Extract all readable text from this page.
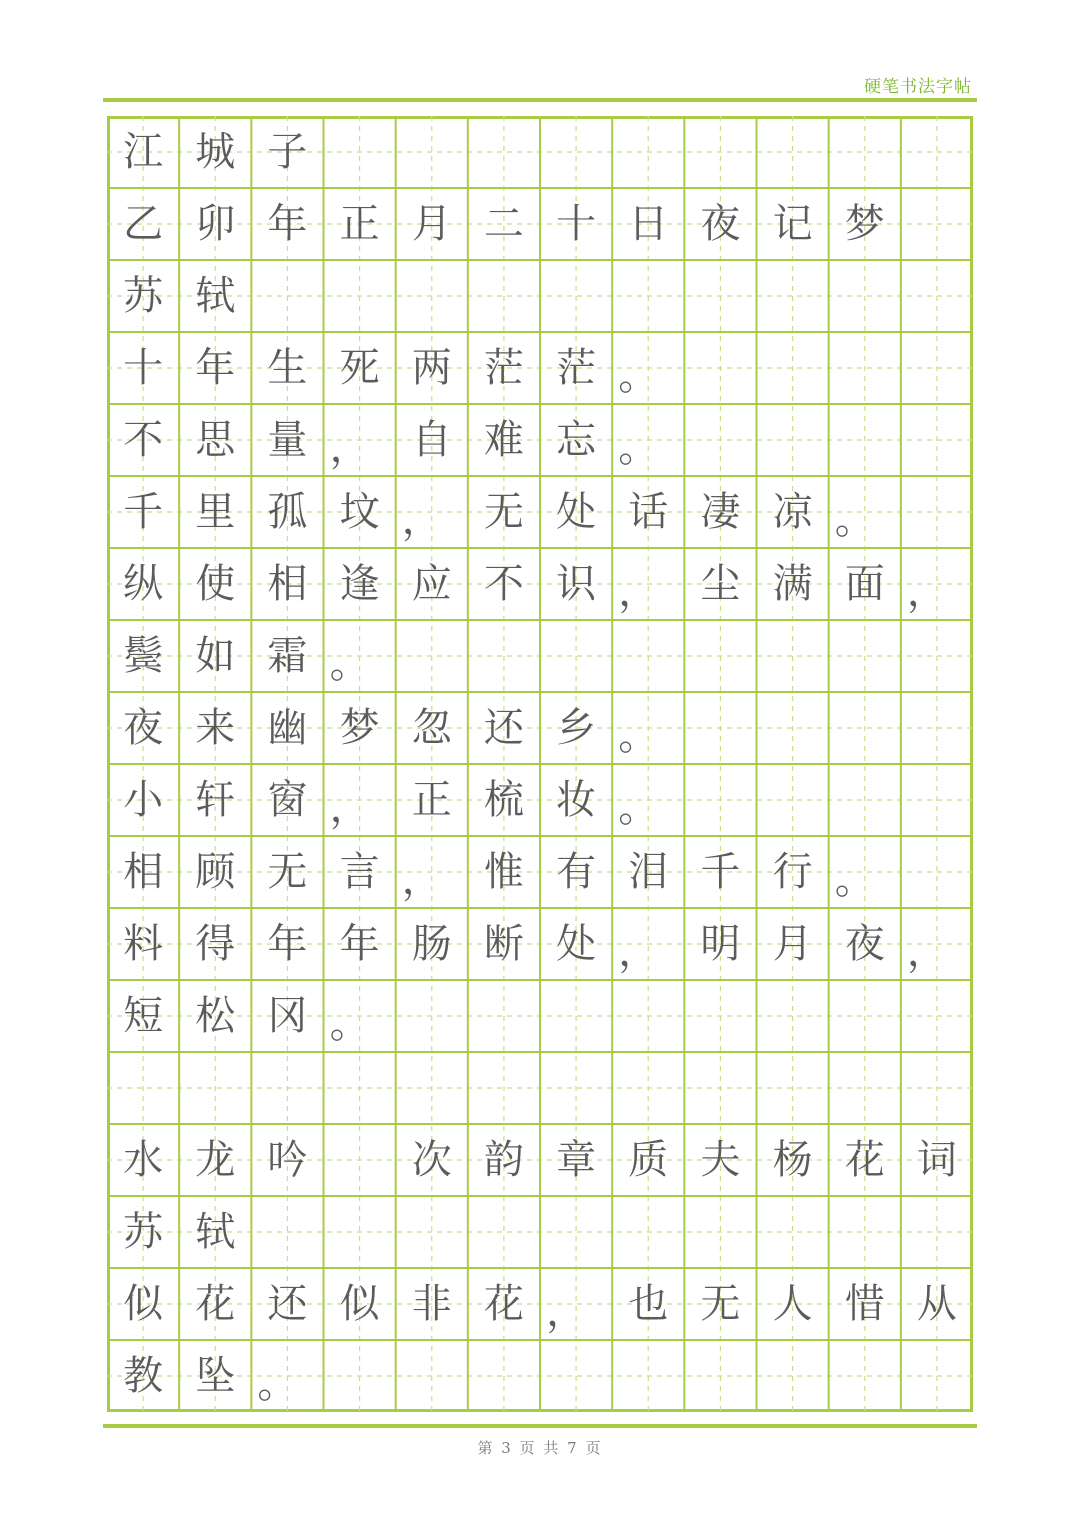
硬笔书法字帖
江 城 子
乙 卯 年 正 月 二 十 日 夜 记 梦
苏 轼
十 年 生 死 两 茫 茫 。
不 思 量 ，	自 难 忘 。
千 里 孤 坟 ，	无 处 话 凄 凉 。
纵 使 相 逢 应 不 识 ，	尘 满 面 ，
鬓 如 霜 。
夜 来 幽 梦 忽 还 乡 。
小 轩 窗 ，	正 梳 妆 。
相 顾 无 言 ，	惟 有 泪 千 行 。
料 得 年 年 肠 断 处 ，	明 月 夜 ，
短 松 冈 。
水 龙 吟	次 韵 章 质 夫 杨 花 词
苏 轼
似 花 还 似 非 花 ，	也 无 人 惜 从
教 坠 。
第 3 页 共 7 页
